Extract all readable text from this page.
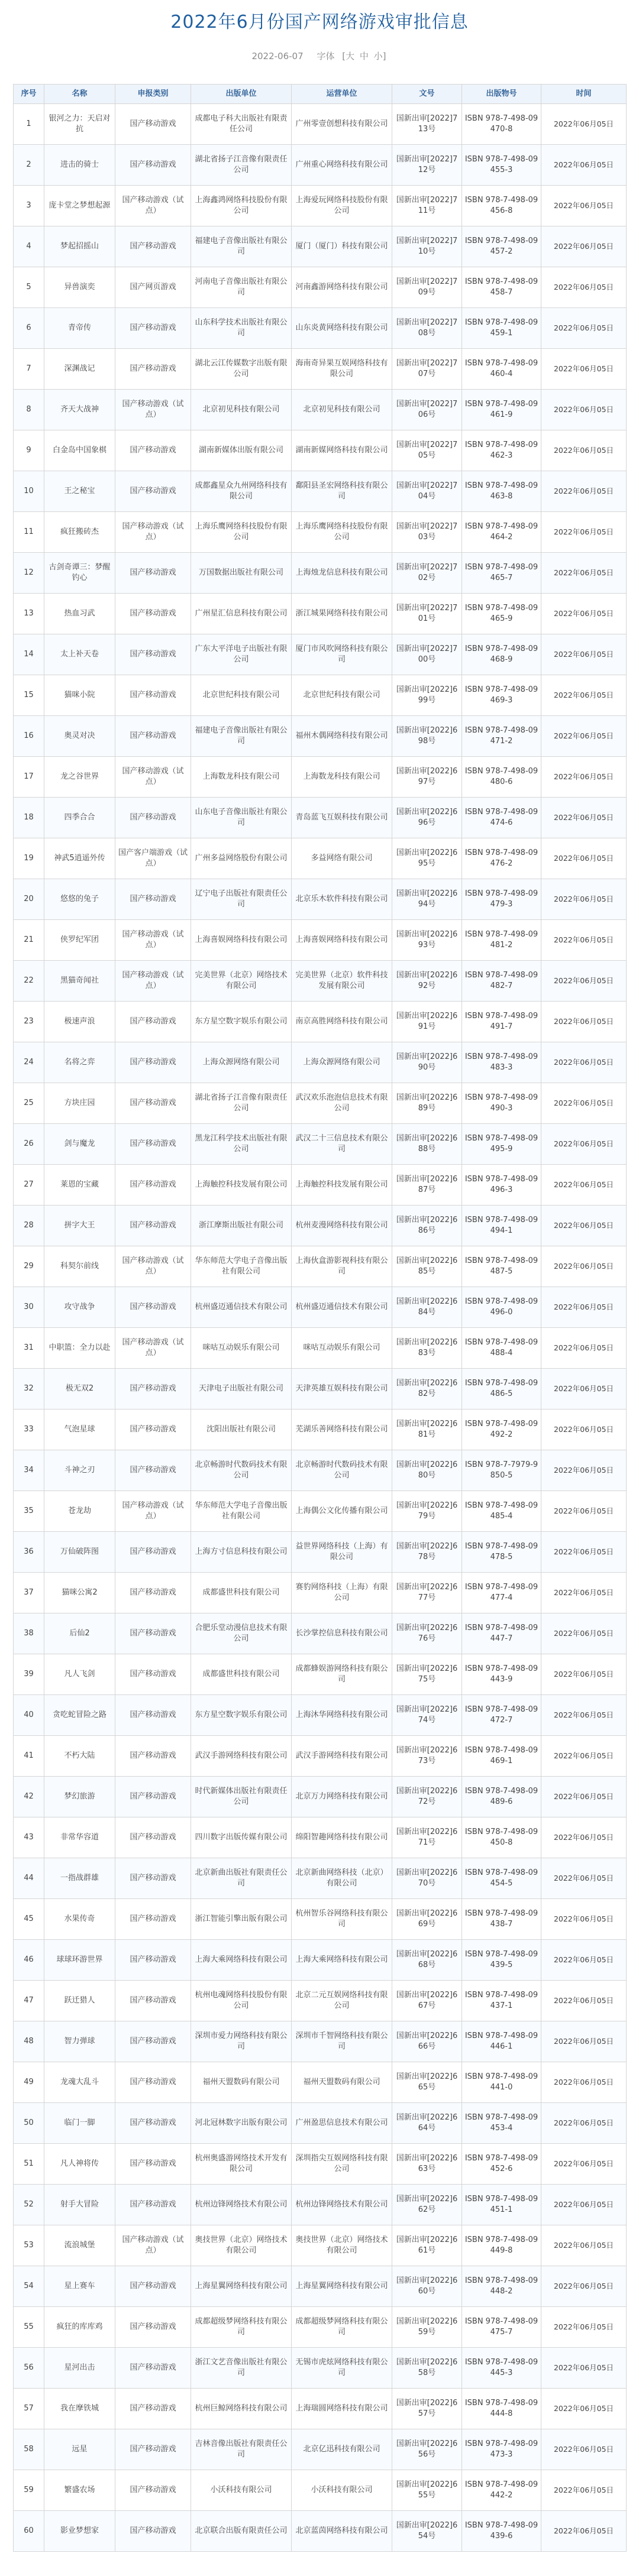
2022年6月份国产网络游戏审批信息
2022-06-07 字体 [大 中 小]
序号	名称	申报类别	出版单位	运营单位	文号	出版物号	时间
1	银河之力：天启对抗	国产移动游戏	成都电子科大出版社有限责任公司	广州零壹创想科技有限公司	国新出审[2022]713号	ISBN 978-7-498-09470-8	2022年06月05日
2	进击的骑士	国产移动游戏	湖北省扬子江音像有限责任公司	广州重心网络科技有限公司	国新出审[2022]712号	ISBN 978-7-498-09455-3	2022年06月05日
3	庞卡堂之梦想起源	国产移动游戏（试点）	上海鑫鸿网络科技股份有限公司	上海爱玩网络科技股份有限公司	国新出审[2022]711号	ISBN 978-7-498-09456-8	2022年06月05日
4	梦起招摇山	国产移动游戏	福建电子音像出版社有限公司	厦门（厦门）科技有限公司	国新出审[2022]710号	ISBN 978-7-498-09457-2	2022年06月05日
5	异兽演奕	国产网页游戏	河南电子音像出版社有限公司	河南鑫游网络科技有限公司	国新出审[2022]709号	ISBN 978-7-498-09458-7	2022年06月05日
6	青帝传	国产移动游戏	山东科学技术出版社有限公司	山东炎黄网络科技有限公司	国新出审[2022]708号	ISBN 978-7-498-09459-1	2022年06月05日
7	深渊战记	国产移动游戏	湖北云江传媒数字出版有限公司	海南奇异果互娱网络科技有限公司	国新出审[2022]707号	ISBN 978-7-498-09460-4	2022年06月05日
8	齐天大战神	国产移动游戏（试点）	北京初见科技有限公司	北京初见科技有限公司	国新出审[2022]706号	ISBN 978-7-498-09461-9	2022年06月05日
9	白金岛中国象棋	国产移动游戏	湖南新媒体出版有限公司	湖南新媒网络科技有限公司	国新出审[2022]705号	ISBN 978-7-498-09462-3	2022年06月05日
10	王之秘宝	国产移动游戏	成都鑫星众九州网络科技有限公司	鄱阳县圣宏网络科技有限公司	国新出审[2022]704号	ISBN 978-7-498-09463-8	2022年06月05日
11	疯狂搬砖杰	国产移动游戏（试点）	上海乐鹰网络科技股份有限公司	上海乐鹰网络科技股份有限公司	国新出审[2022]703号	ISBN 978-7-498-09464-2	2022年06月05日
12	古剑奇谭三：梦醒钓心	国产移动游戏	万国数据出版社有限公司	上海烛龙信息科技有限公司	国新出审[2022]702号	ISBN 978-7-498-09465-7	2022年06月05日
13	热血习武	国产移动游戏	广州星汇信息科技有限公司	浙江城果网络科技有限公司	国新出审[2022]701号	ISBN 978-7-498-09465-9	2022年06月05日
14	太上补天卷	国产移动游戏	广东大平洋电子出版社有限公司	厦门市风吹网络科技有限公司	国新出审[2022]700号	ISBN 978-7-498-09468-9	2022年06月05日
15	猫咪小院	国产移动游戏	北京世纪科技有限公司	北京世纪科技有限公司	国新出审[2022]699号	ISBN 978-7-498-09469-3	2022年06月05日
16	奥灵对决	国产移动游戏	福建电子音像出版社有限公司	福州木偶网络科技有限公司	国新出审[2022]698号	ISBN 978-7-498-09471-2	2022年06月05日
17	龙之谷世界	国产移动游戏（试点）	上海数龙科技有限公司	上海数龙科技有限公司	国新出审[2022]697号	ISBN 978-7-498-09480-6	2022年06月05日
18	四季合合	国产移动游戏	山东电子音像出版社有限公司	青岛蓝飞互娱科技有限公司	国新出审[2022]696号	ISBN 978-7-498-09474-6	2022年06月05日
19	神武5逍遥外传	国产客户端游戏（试点）	广州多益网络股份有限公司	多益网络有限公司	国新出审[2022]695号	ISBN 978-7-498-09476-2	2022年06月05日
20	悠悠的兔子	国产移动游戏	辽宁电子出版社有限责任公司	北京乐木软件科技有限公司	国新出审[2022]694号	ISBN 978-7-498-09479-3	2022年06月05日
21	侠罗纪军团	国产移动游戏（试点）	上海喜娱网络科技有限公司	上海喜娱网络科技有限公司	国新出审[2022]693号	ISBN 978-7-498-09481-2	2022年06月05日
22	黑猫奇闻社	国产移动游戏（试点）	完美世界（北京）网络技术有限公司	完美世界（北京）软件科技发展有限公司	国新出审[2022]692号	ISBN 978-7-498-09482-7	2022年06月05日
23	极速声浪	国产移动游戏	东方星空数字娱乐有限公司	南京高胜网络科技有限公司	国新出审[2022]691号	ISBN 978-7-498-09491-7	2022年06月05日
24	名将之弈	国产移动游戏	上海众源网络有限公司	上海众源网络有限公司	国新出审[2022]690号	ISBN 978-7-498-09483-3	2022年06月05日
25	方块庄园	国产移动游戏	湖北省扬子江音像有限责任公司	武汉欢乐泡泡信息技术有限公司	国新出审[2022]689号	ISBN 978-7-498-09490-3	2022年06月05日
26	剑与魔龙	国产移动游戏	黑龙江科学技术出版社有限公司	武汉二十三信息技术有限公司	国新出审[2022]688号	ISBN 978-7-498-09495-9	2022年06月05日
27	莱恩的宝藏	国产移动游戏	上海触控科技发展有限公司	上海触控科技发展有限公司	国新出审[2022]687号	ISBN 978-7-498-09496-3	2022年06月05日
28	拼字大王	国产移动游戏	浙江摩斯出版社有限公司	杭州麦漫网络科技有限公司	国新出审[2022]686号	ISBN 978-7-498-09494-1	2022年06月05日
29	科契尔前线	国产移动游戏（试点）	华东师范大学电子音像出版社有限公司	上海伙盒游影视科技有限公司	国新出审[2022]685号	ISBN 978-7-498-09487-5	2022年06月05日
30	攻守战争	国产移动游戏	杭州盛迈通信技术有限公司	杭州盛迈通信技术有限公司	国新出审[2022]684号	ISBN 978-7-498-09496-0	2022年06月05日
31	中职篮：全力以赴	国产移动游戏（试点）	咪咕互动娱乐有限公司	咪咕互动娱乐有限公司	国新出审[2022]683号	ISBN 978-7-498-09488-4	2022年06月05日
32	极无双2	国产移动游戏	天津电子出版社有限公司	天津英雄互娱科技有限公司	国新出审[2022]682号	ISBN 978-7-498-09486-5	2022年06月05日
33	气泡星球	国产移动游戏	沈阳出版社有限公司	芜湖乐善网络科技有限公司	国新出审[2022]681号	ISBN 978-7-498-09492-2	2022年06月05日
34	斗神之刃	国产移动游戏	北京畅游时代数码技术有限公司	北京畅游时代数码技术有限公司	国新出审[2022]680号	ISBN 978-7-7979-9850-5	2022年06月05日
35	苍龙劫	国产移动游戏（试点）	华东师范大学电子音像出版社有限公司	上海偶公文化传播有限公司	国新出审[2022]679号	ISBN 978-7-498-09485-4	2022年06月05日
36	万仙破阵图	国产移动游戏	上海方寸信息科技有限公司	益世界网络科技（上海）有限公司	国新出审[2022]678号	ISBN 978-7-498-09478-5	2022年06月05日
37	猫咪公寓2	国产移动游戏	成都盛世科技有限公司	赛豹网络科技（上海）有限公司	国新出审[2022]677号	ISBN 978-7-498-09477-4	2022年06月05日
38	后仙2	国产移动游戏	合肥乐堂动漫信息技术有限公司	长沙掌控信息科技有限公司	国新出审[2022]676号	ISBN 978-7-498-09447-7	2022年06月05日
39	凡人飞剑	国产移动游戏	成都盛世科技有限公司	成都蜂娱游网络科技有限公司	国新出审[2022]675号	ISBN 978-7-498-09443-9	2022年06月05日
40	贪吃蛇冒险之路	国产移动游戏	东方星空数字娱乐有限公司	上海沐华网络科技有限公司	国新出审[2022]674号	ISBN 978-7-498-09472-7	2022年06月05日
41	不朽大陆	国产移动游戏	武汉手游网络科技有限公司	武汉手游网络科技有限公司	国新出审[2022]673号	ISBN 978-7-498-09469-1	2022年06月05日
42	梦幻旅游	国产移动游戏	时代新媒体出版社有限责任公司	北京万力网络科技有限公司	国新出审[2022]672号	ISBN 978-7-498-09489-6	2022年06月05日
43	非常华容道	国产移动游戏	四川数字出版传媒有限公司	绵阳智趣网络科技有限公司	国新出审[2022]671号	ISBN 978-7-498-09450-8	2022年06月05日
44	一指战群雄	国产移动游戏	北京新曲出版社有限责任公司	北京新曲网络科技（北京）有限公司	国新出审[2022]670号	ISBN 978-7-498-09454-5	2022年06月05日
45	水果传奇	国产移动游戏	浙江智能引擎出版有限公司	杭州智乐谷网络科技有限公司	国新出审[2022]669号	ISBN 978-7-498-09438-7	2022年06月05日
46	球球环游世界	国产移动游戏	上海大乘网络科技有限公司	上海大乘网络科技有限公司	国新出审[2022]668号	ISBN 978-7-498-09439-5	2022年06月05日
47	跃迁猎人	国产移动游戏	杭州电魂网络科技股份有限公司	北京二元互娱网络科技有限公司	国新出审[2022]667号	ISBN 978-7-498-09437-1	2022年06月05日
48	智力弹球	国产移动游戏	深圳市爱力网络科技有限公司	深圳市千智网络科技有限公司	国新出审[2022]666号	ISBN 978-7-498-09446-1	2022年06月05日
49	龙魂大乱斗	国产移动游戏	福州天盟数码有限公司	福州天盟数码有限公司	国新出审[2022]665号	ISBN 978-7-498-09441-0	2022年06月05日
50	临门一脚	国产移动游戏	河北冠林数字出版有限公司	广州盈思信息技术有限公司	国新出审[2022]664号	ISBN 978-7-498-09453-4	2022年06月05日
51	凡人神将传	国产移动游戏	杭州奥盛游网络技术开发有限公司	深圳指尖互娱网络科技有限公司	国新出审[2022]663号	ISBN 978-7-498-09452-6	2022年06月05日
52	射手大冒险	国产移动游戏	杭州边锋网络技术有限公司	杭州边锋网络技术有限公司	国新出审[2022]662号	ISBN 978-7-498-09451-1	2022年06月05日
53	流浪城堡	国产移动游戏（试点）	奥技世界（北京）网络技术有限公司	奥技世界（北京）网络技术有限公司	国新出审[2022]661号	ISBN 978-7-498-09449-8	2022年06月05日
54	星上赛车	国产移动游戏	上海星翼网络科技有限公司	上海星翼网络科技有限公司	国新出审[2022]660号	ISBN 978-7-498-09448-2	2022年06月05日
55	疯狂的库库鸡	国产移动游戏	成都超级梦网络科技有限公司	成都超级梦网络科技有限公司	国新出审[2022]659号	ISBN 978-7-498-09475-7	2022年06月05日
56	星河出击	国产移动游戏	浙江文艺音像出版社有限公司	无锡市虎炫网络科技有限公司	国新出审[2022]658号	ISBN 978-7-498-09445-3	2022年06月05日
57	我在摩铁城	国产移动游戏	杭州巨鲸网络科技有限公司	上海瑞圆网络科技有限公司	国新出审[2022]657号	ISBN 978-7-498-09444-8	2022年06月05日
58	远星	国产移动游戏	吉林音像出版社有限责任公司	北京亿迅科技有限公司	国新出审[2022]656号	ISBN 978-7-498-09473-3	2022年06月05日
59	繁盛农场	国产移动游戏	小沃科技有限公司	小沃科技有限公司	国新出审[2022]655号	ISBN 978-7-498-09442-2	2022年06月05日
60	影业梦想家	国产移动游戏	北京联合出版有限责任公司	北京蓝茵网络科技有限公司	国新出审[2022]654号	ISBN 978-7-498-09439-6	2022年06月05日
